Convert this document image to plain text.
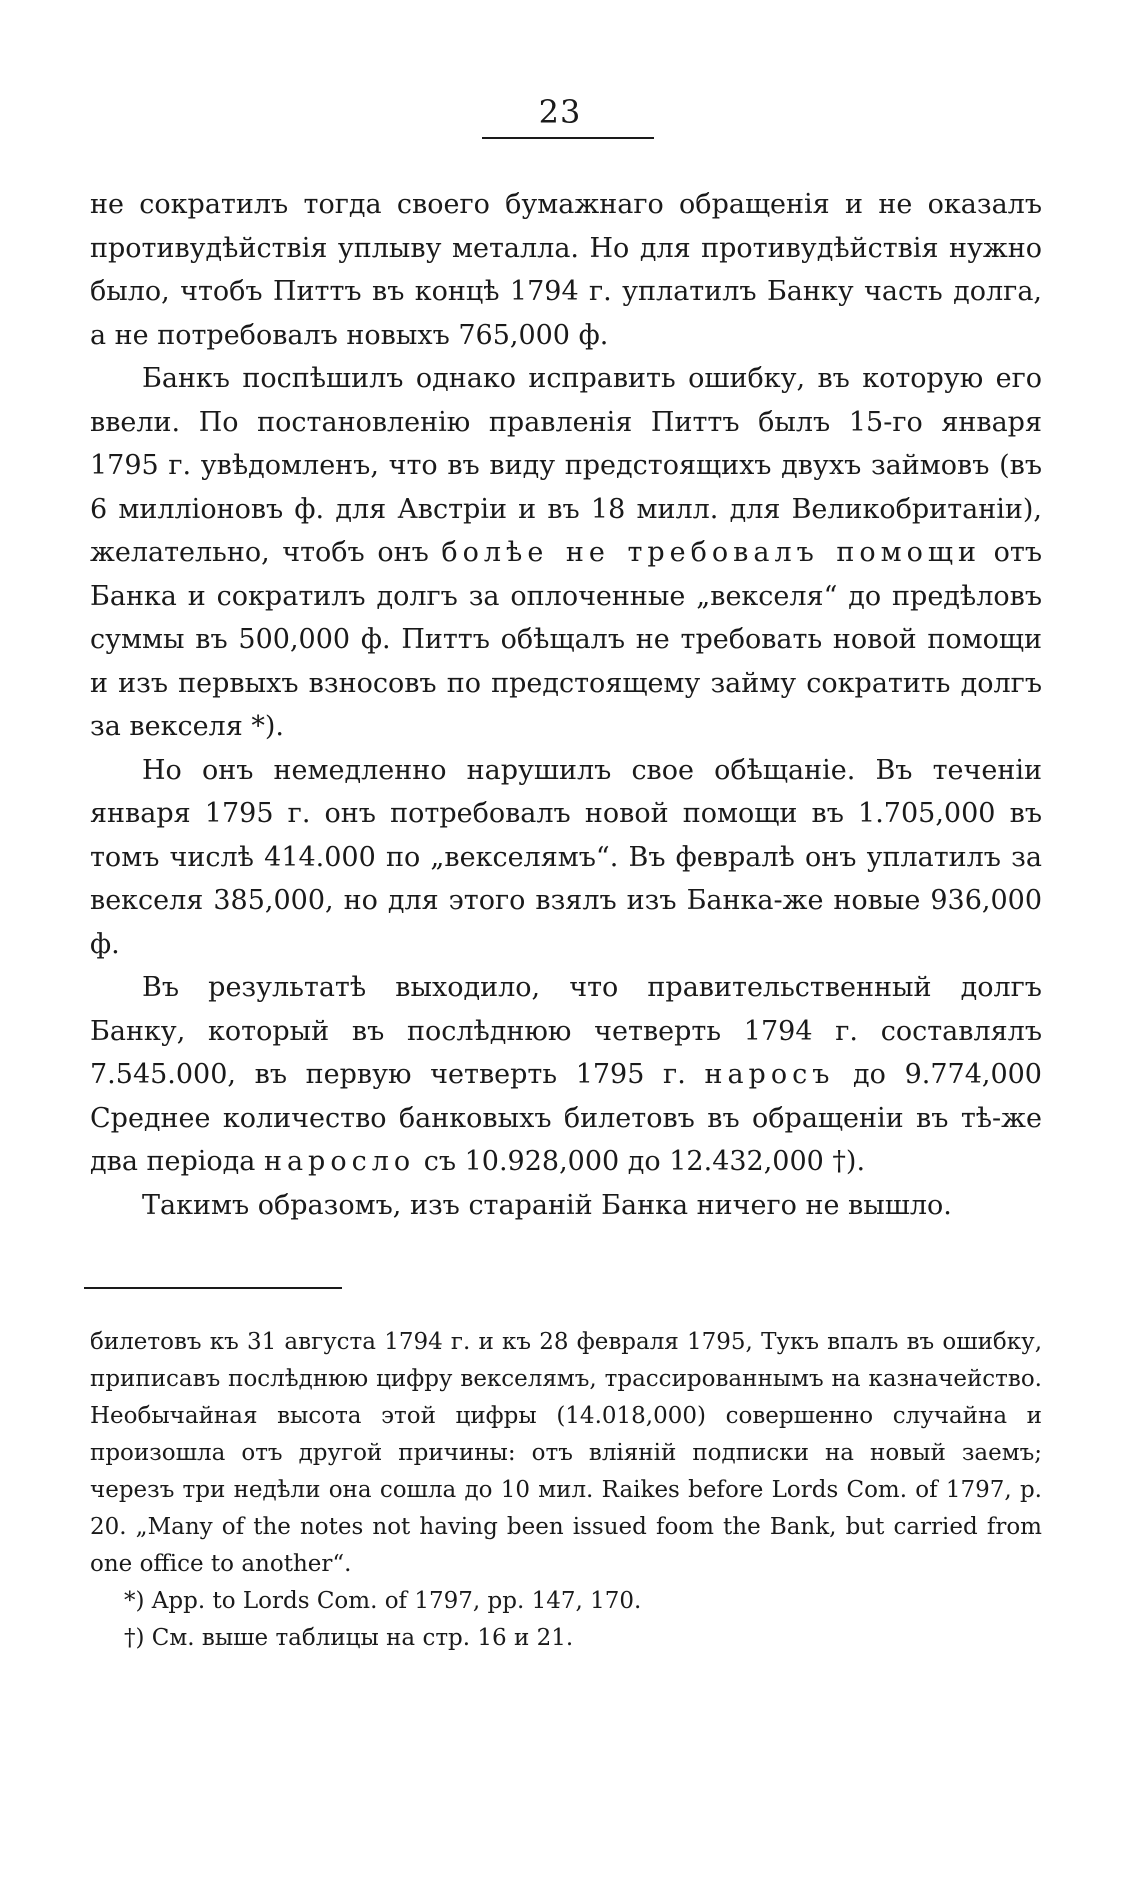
23

не сократилъ тогда своего бумажнаго обращенія и не оказалъ противудѣйствія уплыву металла. Но для противудѣйствія нужно было, чтобъ Питтъ въ концѣ 1794 г. уплатилъ Банку часть долга, а не потребовалъ новыхъ 765,000 ф.

Банкъ поспѣшилъ однако исправить ошибку, въ которую его ввели. По постановленію правленія Питтъ былъ 15-го января 1795 г. увѣдомленъ, что въ виду предстоящихъ двухъ займовъ (въ 6 милліоновъ ф. для Австріи и въ 18 милл. для Великобританіи), желательно, чтобъ онъ болѣе не требовалъ помощи отъ Банка и сократилъ долгъ за оплоченные „векселя“ до предѣловъ суммы въ 500,000 ф. Питтъ обѣщалъ не требовать новой помощи и изъ первыхъ взносовъ по предстоящему займу сократить долгъ за векселя *).

Но онъ немедленно нарушилъ свое обѣщаніе. Въ теченіи января 1795 г. онъ потребовалъ новой помощи въ 1.705,000 въ томъ числѣ 414.000 по „векселямъ“. Въ февралѣ онъ уплатилъ за векселя 385,000, но для этого взялъ изъ Банка-же новые 936,000 ф.

Въ результатѣ выходило, что правительственный долгъ Банку, который въ послѣднюю четверть 1794 г. составлялъ 7.545.000, въ первую четверть 1795 г. наросъ до 9.774,000 Среднее количество банковыхъ билетовъ въ обращеніи въ тѣ-же два періода наросло съ 10.928,000 до 12.432,000 †).

Такимъ образомъ, изъ стараній Банка ничего не вышло.

билетовъ къ 31 августа 1794 г. и къ 28 февраля 1795, Тукъ впалъ въ ошибку, приписавъ послѣднюю цифру векселямъ, трассированнымъ на казначейство. Необычайная высота этой цифры (14.018,000) совершенно случайна и произошла отъ другой причины: отъ вліяній подписки на новый заемъ; черезъ три недѣли она сошла до 10 мил. Raikes before Lords Com. of 1797, p. 20. „Many of the notes not having been issued foom the Bank, but carried from one office to another“.

*) App. to Lords Com. of 1797, pp. 147, 170.

†) См. выше таблицы на стр. 16 и 21.
